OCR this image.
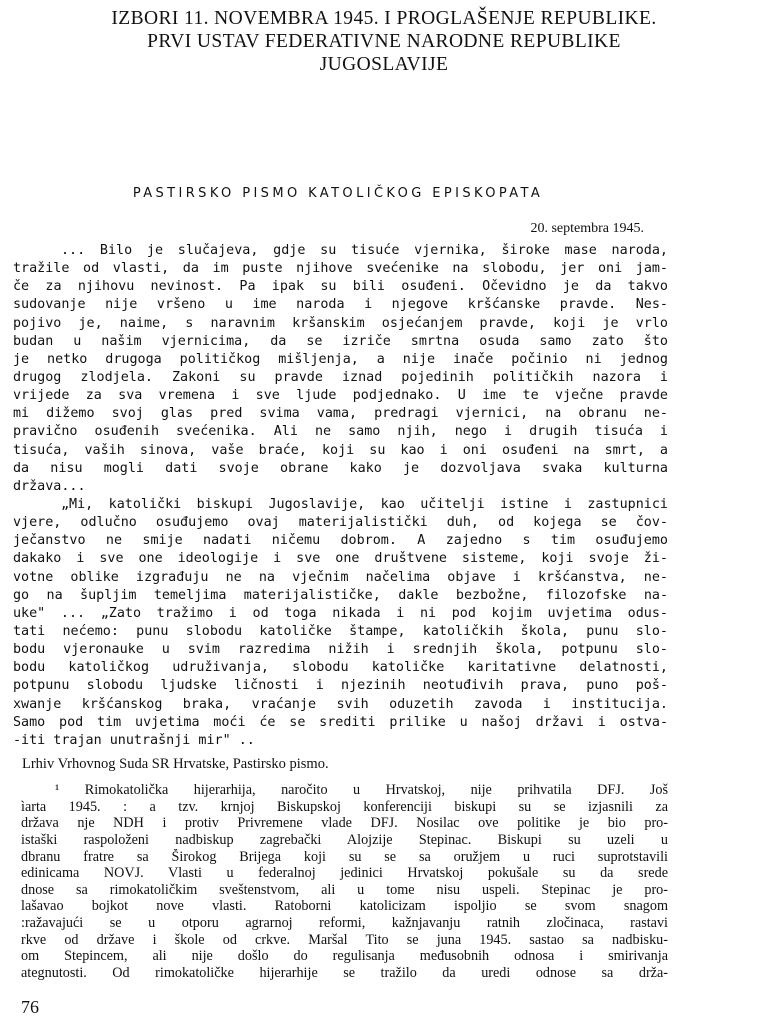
IZBORI 11. NOVEMBRA 1945. I PROGLAŠENJE REPUBLIKE.
PRVI USTAV FEDERATIVNE NARODNE REPUBLIKE
JUGOSLAVIJE
PASTIRSKO PISMO KATOLIČKOG EPISKOPATA
20. septembra 1945.
... Bilo je slučajeva, gdje su tisuće vjernika, široke mase naroda,
tražile od vlasti, da im puste njihove svećenike na slobodu, jer oni jam-
če za njihovu nevinost. Pa ipak su bili osuđeni. Očevidno je da takvo
sudovanje nije vršeno u ime naroda i njegove kršćanske pravde. Nes-
pojivo je, naime, s naravnim kršanskim osjećanjem pravde, koji je vrlo
budan u našim vjernicima, da se izriče smrtna osuda samo zato što
je netko drugoga političkog mišljenja, a nije inače počinio ni jednog
drugog zlodjela. Zakoni su pravde iznad pojedinih političkih nazora i
vrijede za sva vremena i sve ljude podjednako. U ime te vječne pravde
mi dižemo svoj glas pred svima vama, predragi vjernici, na obranu ne-
pravično osuđenih svećenika. Ali ne samo njih, nego i drugih tisuća i
tisuća, vaših sinova, vaše braće, koji su kao i oni osuđeni na smrt, a
da nisu mogli dati svoje obrane kako je dozvoljava svaka kulturna
država...
„Mi, katolički biskupi Jugoslavije, kao učitelji istine i zastupnici
vjere, odlučno osuđujemo ovaj materijalistički duh, od kojega se čov-
ječanstvo ne smije nadati ničemu dobrom. A zajedno s tim osuđujemo
dakako i sve one ideologije i sve one društvene sisteme, koji svoje ži-
votne oblike izgrađuju ne na vječnim načelima objave i kršćanstva, ne-
go na šupljim temeljima materijalističke, dakle bezbožne, filozofske na-
uke" ... „Zato tražimo i od toga nikada i ni pod kojim uvjetima odus-
tati nećemo: punu slobodu katoličke štampe, katoličkih škola, punu slo-
bodu vjeronauke u svim razredima nižih i srednjih škola, potpunu slo-
bodu katoličkog udruživanja, slobodu katoličke karitativne delatnosti,
potpunu slobodu ljudske ličnosti i njezinih neotuđivih prava, puno poš-
xwanje kršćanskog braka, vraćanje svih oduzetih zavoda i institucija.
Samo pod tim uvjetima moći će se srediti prilike u našoj državi i ostva-
-iti trajan unutrašnji mir" ..
Lrhiv Vrhovnog Suda SR Hrvatske, Pastirsko pismo.
¹ Rimokatolička hijerarhija, naročito u Hrvatskoj, nije prihvatila DFJ. Još
ìarta 1945. : a tzv. krnjoj Biskupskoj konferenciji biskupi su se izjasnili za
država nje NDH i protiv Privremene vlade DFJ. Nosilac ove politike je bio pro-
istaški raspoloženi nadbiskup zagrebački Alojzije Stepinac. Biskupi su uzeli u
dbranu fratre sa Širokog Brijega koji su se sa oružjem u ruci suprotstavili
edinicama NOVJ. Vlasti u federalnoj jedinici Hrvatskoj pokušale su da srede
dnose sa rimokatoličkim sveštenstvom, ali u tome nisu uspeli. Stepinac je pro-
lašavao bojkot nove vlasti. Ratoborni katolicizam ispoljio se svom snagom
:ražavajući se u otporu agrarnoj reformi, kažnjavanju ratnih zločinaca, rastavi
rkve od države i škole od crkve. Maršal Tito se juna 1945. sastao sa nadbisku-
om Stepincem, ali nije došlo do regulisanja međusobnih odnosa i smirivanja
ategnutosti. Od rimokatoličke hijerarhije se tražilo da uredi odnose sa drža-
76
